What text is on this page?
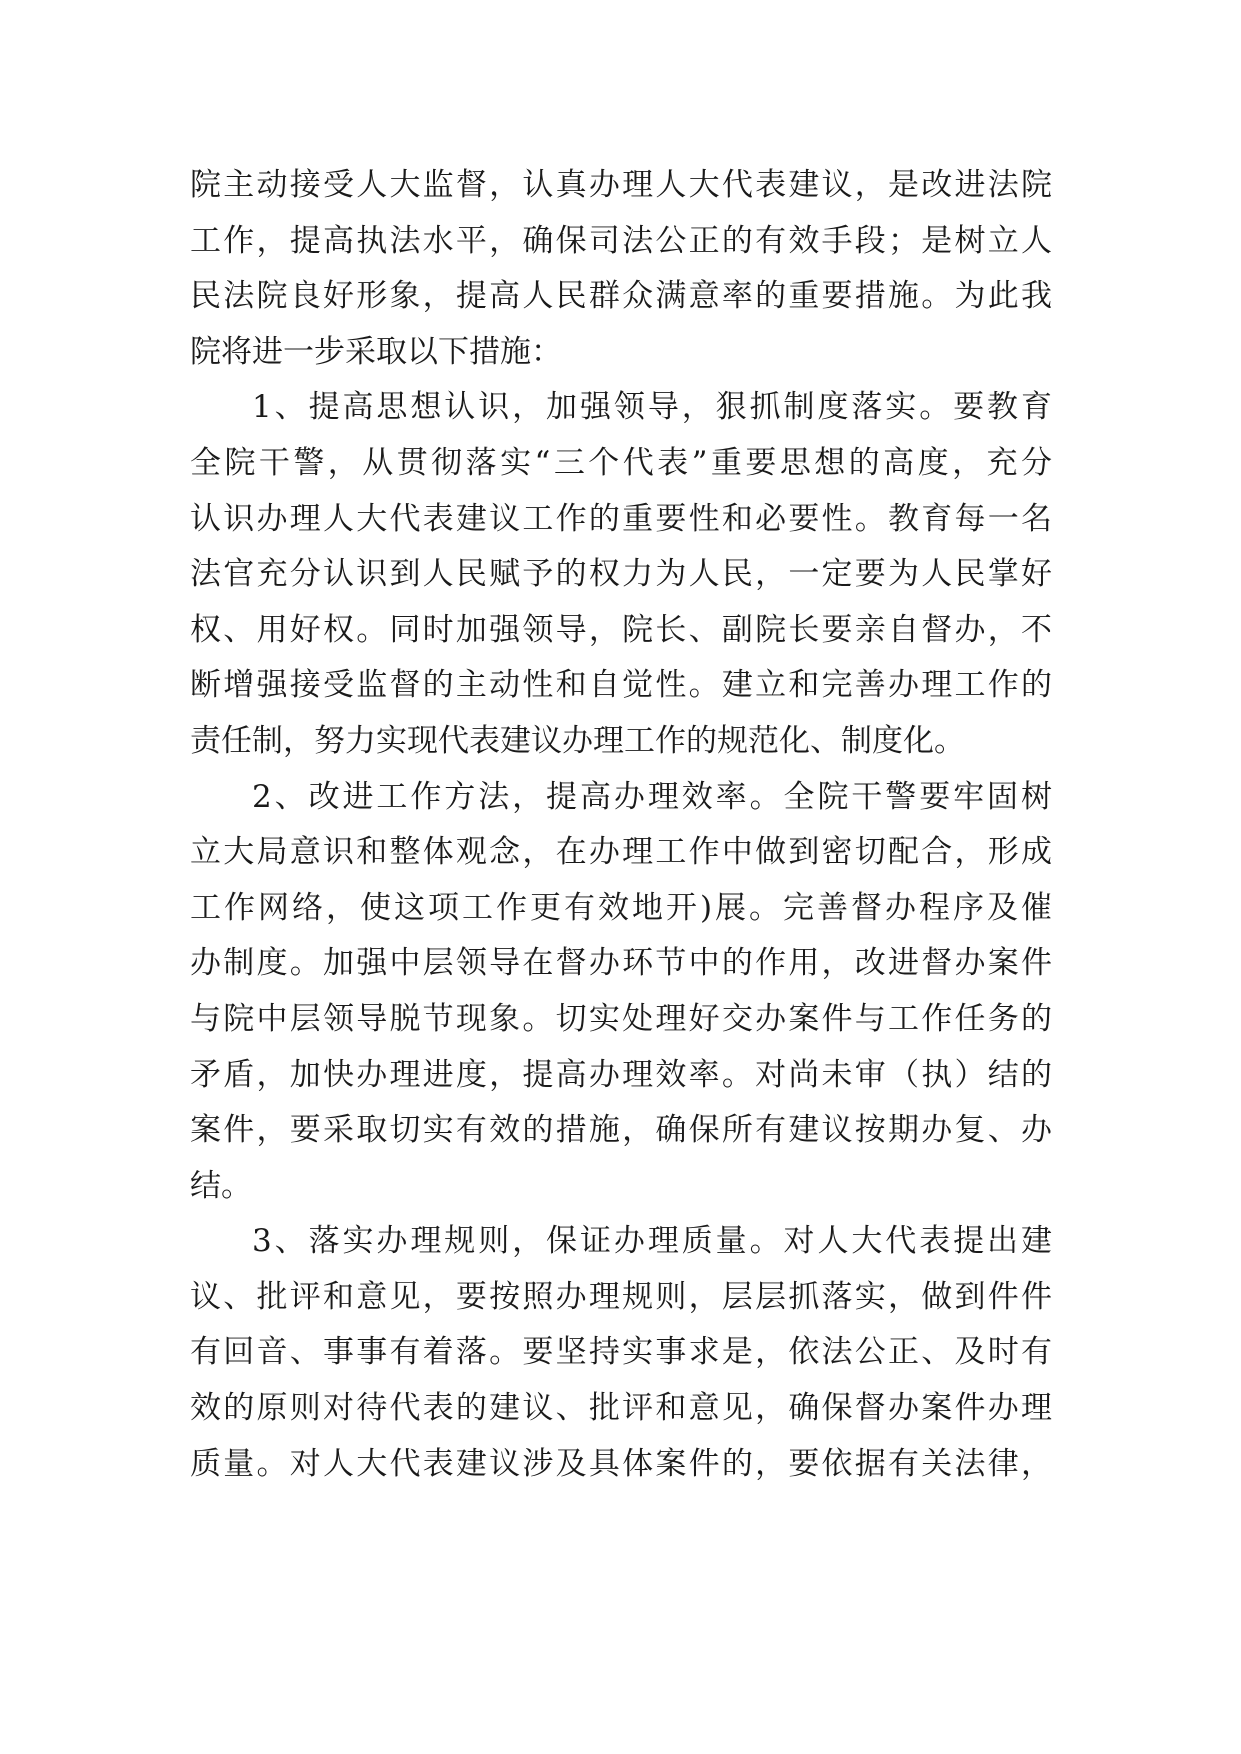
院主动接受人大监督，认真办理人大代表建议，是改进法院
工作，提高执法水平，确保司法公正的有效手段；是树立人
民法院良好形象，提高人民群众满意率的重要措施。为此我
院将进一步采取以下措施：
1、提高思想认识，加强领导，狠抓制度落实。要教育
全院干警，从贯彻落实“三个代表”重要思想的高度，充分
认识办理人大代表建议工作的重要性和必要性。教育每一名
法官充分认识到人民赋予的权力为人民，一定要为人民掌好
权、用好权。同时加强领导，院长、副院长要亲自督办，不
断增强接受监督的主动性和自觉性。建立和完善办理工作的
责任制，努力实现代表建议办理工作的规范化、制度化。
2、改进工作方法，提高办理效率。全院干警要牢固树
立大局意识和整体观念，在办理工作中做到密切配合，形成
工作网络，使这项工作更有效地开)展。完善督办程序及催
办制度。加强中层领导在督办环节中的作用，改进督办案件
与院中层领导脱节现象。切实处理好交办案件与工作任务的
矛盾，加快办理进度，提高办理效率。对尚未审（执）结的
案件，要采取切实有效的措施，确保所有建议按期办复、办
结。
3、落实办理规则，保证办理质量。对人大代表提出建
议、批评和意见，要按照办理规则，层层抓落实，做到件件
有回音、事事有着落。要坚持实事求是，依法公正、及时有
效的原则对待代表的建议、批评和意见，确保督办案件办理
质量。对人大代表建议涉及具体案件的，要依据有关法律，
